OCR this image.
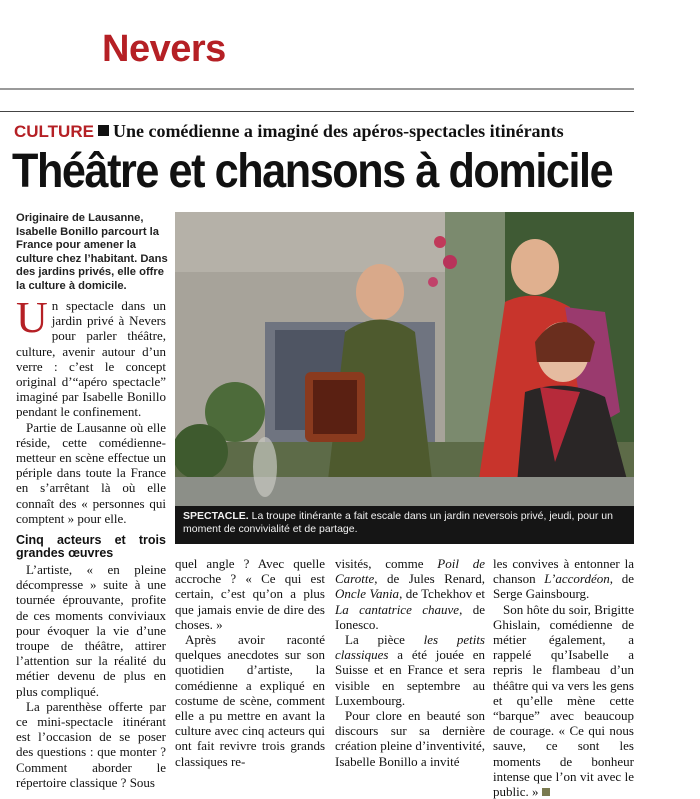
Nevers
CULTURE Une comédienne a imaginé des apéros-spectacles itinérants
Théâtre et chansons à domicile
Originaire de Lausanne, Isabelle Bonillo parcourt la France pour amener la culture chez l’habitant. Dans des jardins privés, elle offre la culture à domicile.
SPECTACLE. La troupe itinérante a fait escale dans un jardin neversois privé, jeudi, pour un moment de convivialité et de partage.

Un spectacle dans un jardin privé à Nevers pour parler théâtre, culture, avenir autour d’un verre : c’est le concept original d’“apéro spectacle” imaginé par Isabelle Bonillo pendant le confinement.

Partie de Lausanne où elle réside, cette comédienne-metteur en scène effectue un périple dans toute la France en s’arrêtant là où elle connaît des « personnes qui comptent » pour elle.

Cinq acteurs et trois grandes œuvres

L’artiste, « en pleine décompresse » suite à une tournée éprouvante, profite de ces moments conviviaux pour évoquer la vie d’une troupe de théâtre, attirer l’attention sur la réalité du métier devenu de plus en plus compliqué.

La parenthèse offerte par ce mini-spectacle itinérant est l’occasion de se poser des questions : que monter ? Comment aborder le répertoire classique ? Sous

quel angle ? Avec quelle accroche ? « Ce qui est certain, c’est qu’on a plus que jamais envie de dire des choses. »

Après avoir raconté quelques anecdotes sur son quotidien d’artiste, la comédienne a expliqué en costume de scène, comment elle a pu mettre en avant la culture avec cinq acteurs qui ont fait revivre trois grands classiques re-

visités, comme Poil de Carotte, de Jules Renard, Oncle Vania, de Tchekhov et La cantatrice chauve, de Ionesco.

La pièce les petits classiques a été jouée en Suisse et en France et sera visible en septembre au Luxembourg.

Pour clore en beauté son discours sur sa dernière création pleine d’inventivité, Isabelle Bonillo a invité

les convives à entonner la chanson L’accordéon, de Serge Gainsbourg.

Son hôte du soir, Brigitte Ghislain, comédienne de métier également, a rappelé qu’Isabelle a repris le flambeau d’un théâtre qui va vers les gens et qu’elle mène cette “barque” avec beaucoup de courage. « Ce qui nous sauve, ce sont les moments de bonheur intense que l’on vit avec le public. »
